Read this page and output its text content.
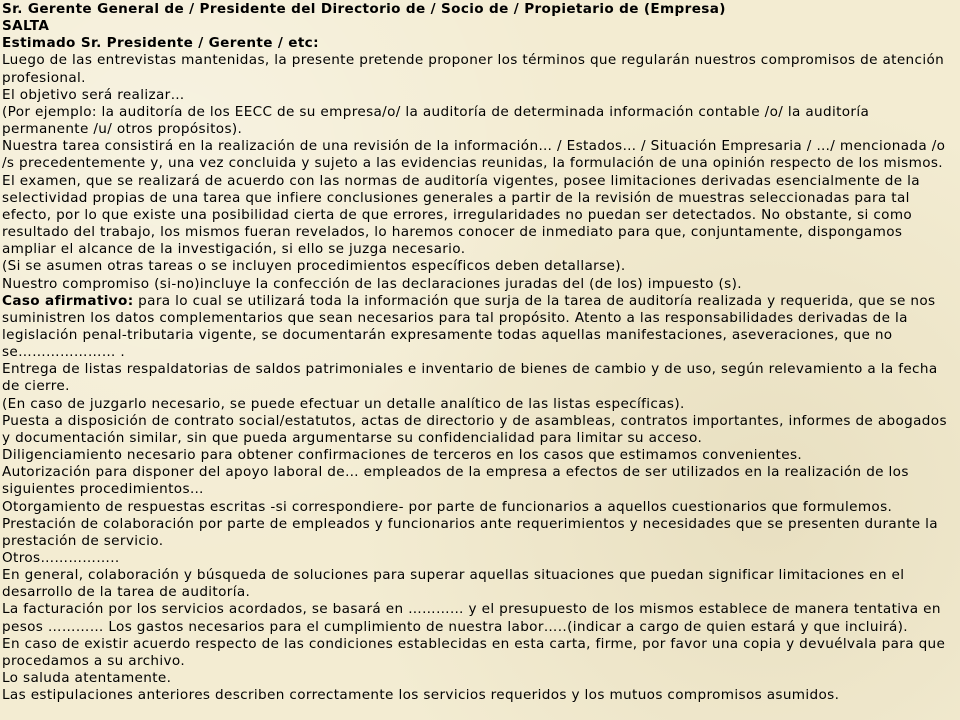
Sr. Gerente General de / Presidente del Directorio de / Socio de / Propietario de (Empresa)

SALTA

Estimado Sr. Presidente / Gerente / etc:

Luego de las entrevistas mantenidas, la presente pretende proponer los términos que regularán nuestros compromisos de atención profesional.

El objetivo será realizar…

(Por ejemplo: la auditoría de los EECC de su empresa/o/ la auditoría de determinada información contable /o/ la auditoría permanente /u/ otros propósitos).

Nuestra tarea consistirá en la realización de una revisión de la información… / Estados… / Situación Empresaria / …/ mencionada /o /s precedentemente y, una vez concluida y sujeto a las evidencias reunidas, la formulación de una opinión respecto de los mismos.

El examen, que se realizará de acuerdo con las normas de auditoría vigentes, posee limitaciones derivadas esencialmente de la selectividad propias de una tarea que infiere conclusiones generales a partir de la revisión de muestras seleccionadas para tal efecto, por lo que existe una posibilidad cierta de que errores, irregularidades no puedan ser detectados. No obstante, si como resultado del trabajo, los mismos fueran revelados, lo haremos conocer de inmediato para que, conjuntamente, dispongamos ampliar el alcance de la investigación, si ello se juzga necesario.

(Si se asumen otras tareas o se incluyen procedimientos específicos deben detallarse).

Nuestro compromiso (si-no)incluye la confección de las declaraciones juradas del (de los) impuesto (s).

Caso afirmativo: para lo cual se utilizará toda la información que surja de la tarea de auditoría realizada y requerida, que se nos suministren los datos complementarios que sean necesarios para tal propósito. Atento a las responsabilidades derivadas de la legislación penal-tributaria vigente, se documentarán expresamente todas aquellas manifestaciones, aseveraciones, que no se………………… .

Entrega de listas respaldatorias de saldos patrimoniales e inventario de bienes de cambio y de uso, según relevamiento a la fecha de cierre.

(En caso de juzgarlo necesario, se puede efectuar un detalle analítico de las listas específicas).

Puesta a disposición de contrato social/estatutos, actas de directorio y de asambleas, contratos importantes, informes de abogados y documentación similar, sin que pueda argumentarse su confidencialidad para limitar su acceso.

Diligenciamiento necesario para obtener confirmaciones de terceros en los casos que estimamos convenientes.

Autorización para disponer del apoyo laboral de… empleados de la empresa a efectos de ser utilizados en la realización de los siguientes procedimientos…

Otorgamiento de respuestas escritas -si correspondiere- por parte de funcionarios a aquellos cuestionarios que formulemos.

Prestación de colaboración por parte de empleados y funcionarios ante requerimientos y necesidades que se presenten durante la prestación de servicio.

Otros……………..

En general, colaboración y búsqueda de soluciones para superar aquellas situaciones que puedan significar limitaciones en el desarrollo de la tarea de auditoría.

La facturación por los servicios acordados, se basará en ………… y el presupuesto de los mismos establece de manera tentativa en pesos ………… Los gastos necesarios para el cumplimiento de nuestra labor…..(indicar a cargo de quien estará y que incluirá).

En caso de existir acuerdo respecto de las condiciones establecidas en esta carta, firme, por favor una copia y devuélvala para que procedamos a su archivo.

Lo saluda atentamente.

Las estipulaciones anteriores describen correctamente los servicios requeridos y los mutuos compromisos asumidos.
